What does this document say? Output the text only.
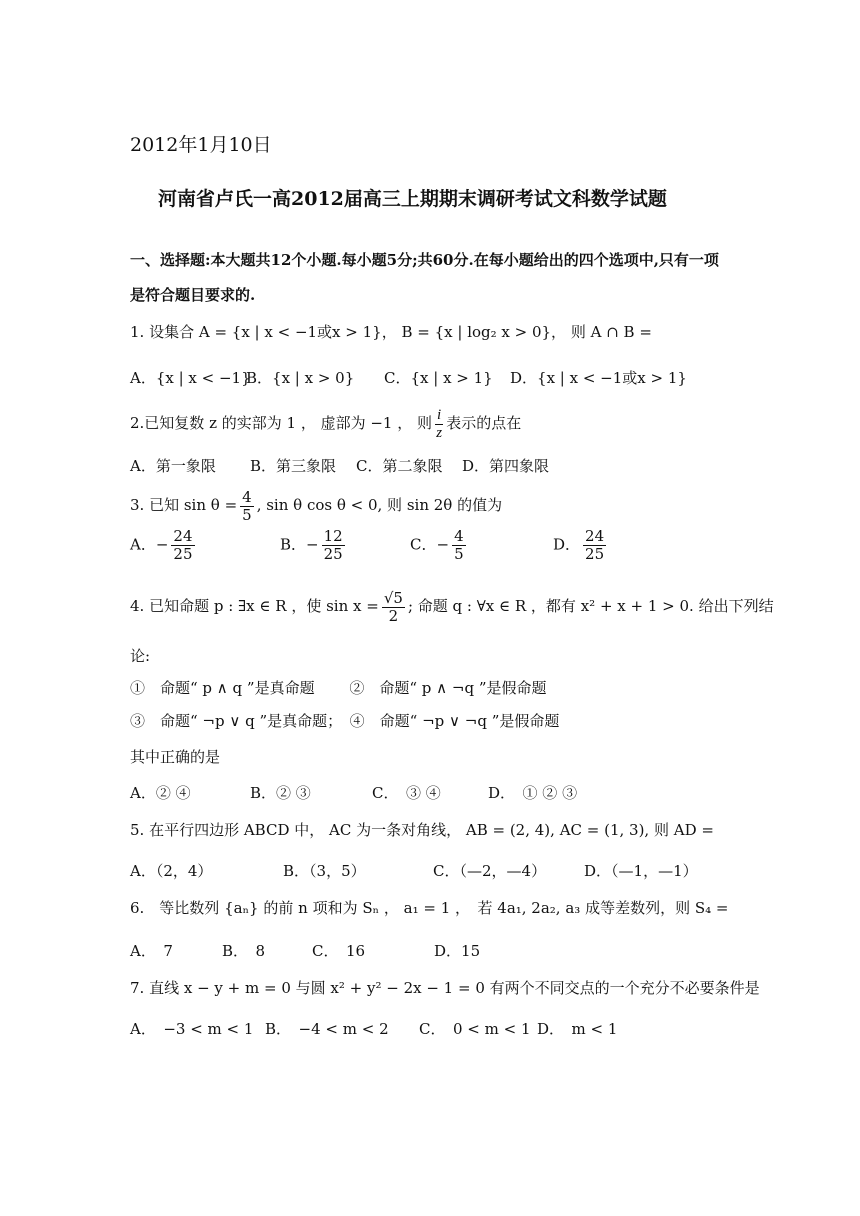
2012年1月10日
河南省卢氏一高2012届高三上期期末调研考试文科数学试题
一、选择题:本大题共12个小题.每小题5分;共60分.在每小题给出的四个选项中,只有一项
是符合题目要求的.
1. 设集合 A = {x | x < −1或x > 1}， B = {x | log₂ x > 0}， 则 A ∩ B =
A．{x | x < −1}
B．{x | x > 0} C．{x | x > 1} D．{x | x < −1或x > 1}
2.已知复数 z 的实部为 1 ， 虚部为 −1 ， 则 $\frac{i}{z}$ 表示的点在
A．第一象限 B．第三象限 C．第二象限 D．第四象限
3. 已知 $\sin \theta = \frac{4}{5}$ , sin θ cos θ < 0, 则 sin 2θ 的值为
A．− $\frac{24}{25}$	B．− $\frac{12}{25}$	C．− $\frac{4}{5}$	D． $\frac{24}{25}$
4. 已知命题 p : ∃x ∈ R ，使 $\sin x = \frac{√5}{2}$ ; 命题 q : ∀x ∈ R ，都有 x² + x + 1 > 0. 给出下列结
论:
①　命题“ p ∧ q ”是真命题　　 ②　命题“ p ∧ ¬q ”是假命题
③　命题“ ¬p ∨ q ”是真命题；　④　命题“ ¬p ∨ ¬q ”是假命题
其中正确的是
A．② ④	B．② ③	C．　③ ④	D．　① ② ③
5. 在平行四边形 ABCD 中， AC 为一条对角线， AB = (2, 4), AC = (1, 3), 则 AD =
A．（2，4）	B．（3，5）	C．（—2，—4）	D．（—1，—1）
6.　等比数列 {aₙ} 的前 n 项和为 Sₙ ， a₁ = 1 ，　若 4a₁, 2a₂, a₃ 成等差数列，则 S₄ =
A．　7	B．　8	C．　16	D．15
7. 直线 x − y + m = 0 与圆 x² + y² − 2x − 1 = 0 有两个不同交点的一个充分不必要条件是
A．　−3 < m < 1 B．　−4 < m < 2 C．　0 < m < 1 D．　m < 1
